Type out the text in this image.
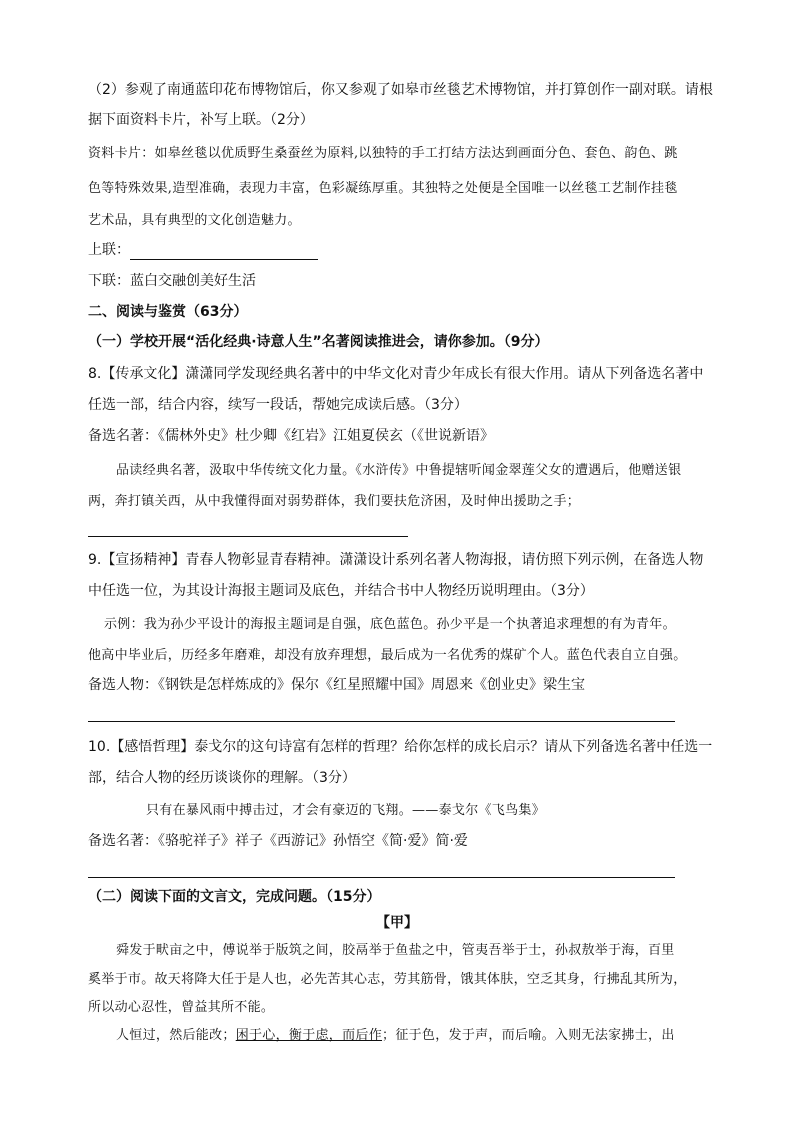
（2）参观了南通蓝印花布博物馆后，你又参观了如皋市丝毯艺术博物馆，并打算创作一副对联。请根
据下面资料卡片，补写上联。（2分）
资料卡片：如皋丝毯以优质野生桑蚕丝为原料,以独特的手工打结方法达到画面分色、套色、韵色、跳
色等特殊效果,造型准确，表现力丰富，色彩凝练厚重。其独特之处便是全国唯一以丝毯工艺制作挂毯
艺术品，具有典型的文化创造魅力。
上联：
下联：蓝白交融创美好生活
二、阅读与鉴赏（63分）
（一）学校开展“活化经典·诗意人生”名著阅读推进会，请你参加。（9分）
8.【传承文化】潇潇同学发现经典名著中的中华文化对青少年成长有很大作用。请从下列备选名著中
任选一部，结合内容，续写一段话，帮她完成读后感。（3分）
备选名著：《儒林外史》杜少卿《红岩》江姐夏侯玄（《世说新语》
品读经典名著，汲取中华传统文化力量。《水浒传》中鲁提辖听闻金翠莲父女的遭遇后，他赠送银
两，奔打镇关西，从中我懂得面对弱势群体，我们要扶危济困，及时伸出援助之手；
9.【宣扬精神】青春人物彰显青春精神。潇潇设计系列名著人物海报，请仿照下列示例，在备选人物
中任选一位，为其设计海报主题词及底色，并结合书中人物经历说明理由。（3分）
示例：我为孙少平设计的海报主题词是自强，底色蓝色。孙少平是一个执著追求理想的有为青年。
他高中毕业后，历经多年磨难，却没有放弃理想，最后成为一名优秀的煤矿个人。蓝色代表自立自强。
备选人物：《钢铁是怎样炼成的》保尔《红星照耀中国》周恩来《创业史》梁生宝
10.【感悟哲理】泰戈尔的这句诗富有怎样的哲理？给你怎样的成长启示？请从下列备选名著中任选一
部，结合人物的经历谈谈你的理解。（3分）
只有在暴风雨中搏击过，才会有豪迈的飞翔。——泰戈尔《飞鸟集》
备选名著：《骆驼祥子》祥子《西游记》孙悟空《简·爱》简·爱
（二）阅读下面的文言文，完成问题。（15分）
【甲】
舜发于畎亩之中，傅说举于版筑之间，胶鬲举于鱼盐之中，管夷吾举于士，孙叔敖举于海，百里
奚举于市。故天将降大任于是人也，必先苦其心志，劳其筋骨，饿其体肤，空乏其身，行拂乱其所为，
所以动心忍性，曾益其所不能。
人恒过，然后能改；困于心，衡于虑，而后作；征于色，发于声，而后喻。入则无法家拂士，出
